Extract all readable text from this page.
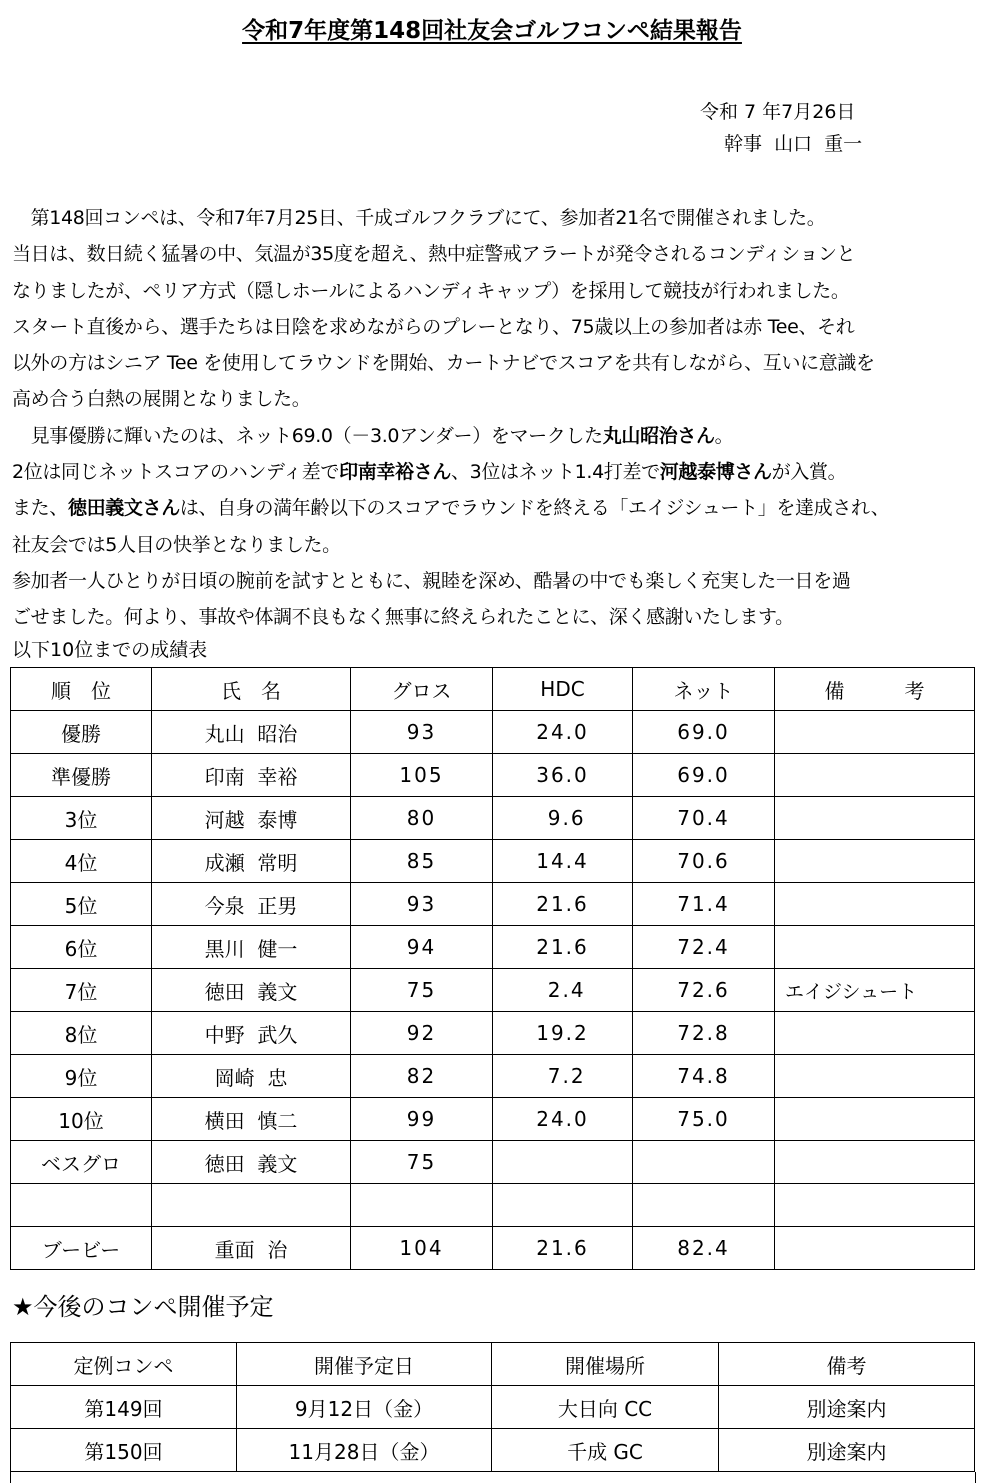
令和7年度第148回社友会ゴルフコンペ結果報告
令和 7 年7月26日
幹事  山口  重一

　第148回コンペは、令和7年7月25日、千成ゴルフクラブにて、参加者21名で開催されました。

当日は、数日続く猛暑の中、気温が35度を超え、熱中症警戒アラートが発令されるコンディションと

なりましたが、ペリア方式（隠しホールによるハンディキャップ）を採用して競技が行われました。

スタート直後から、選手たちは日陰を求めながらのプレーとなり、75歳以上の参加者は赤 Tee、それ

以外の方はシニア Tee を使用してラウンドを開始、カートナビでスコアを共有しながら、互いに意識を

高め合う白熱の展開となりました。

　見事優勝に輝いたのは、ネット69.0（－3.0アンダー）をマークした丸山昭治さん。

2位は同じネットスコアのハンディ差で印南幸裕さん、3位はネット1.4打差で河越泰博さんが入賞。

また、徳田義文さんは、自身の満年齢以下のスコアでラウンドを終える「エイジシュート」を達成され、

社友会では5人目の快挙となりました。

参加者一人ひとりが日頃の腕前を試すとともに、親睦を深め、酷暑の中でも楽しく充実した一日を過

ごせました。何より、事故や体調不良もなく無事に終えられたことに、深く感謝いたします。

以下10位までの成績表
順　位	氏　名	グロス	HDC	ネット	備　　　考
優勝	丸山  昭治	93	24.0	69.0	
準優勝	印南  幸裕	105	36.0	69.0	
3位	河越  泰博	80	9.6	70.4	
4位	成瀬  常明	85	14.4	70.6	
5位	今泉  正男	93	21.6	71.4	
6位	黒川  健一	94	21.6	72.4	
7位	徳田  義文	75	2.4	72.6	エイジシュート
8位	中野  武久	92	19.2	72.8	
9位	岡崎  忠	82	7.2	74.8	
10位	横田  慎二	99	24.0	75.0	
ベスグロ	徳田  義文	75			

ブービー	重面  治	104	21.6	82.4	
★今後のコンペ開催予定
定例コンペ	開催予定日	開催場所	備考
第149回	9月12日（金）	大日向 CC	別途案内
第150回	11月28日（金）	千成 GC	別途案内
